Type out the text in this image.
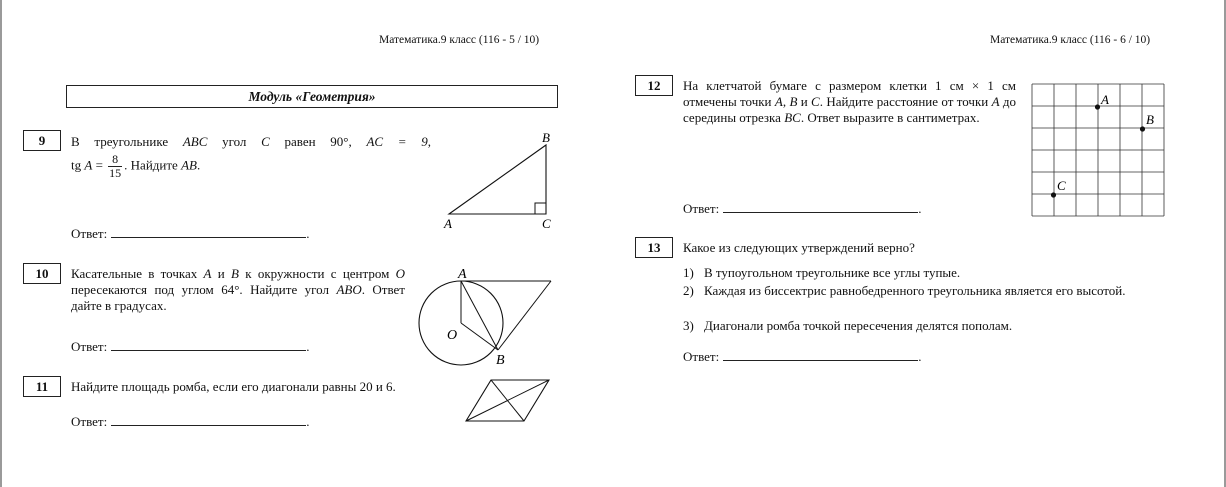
Математика.9 класс (116 - 5 / 10)	Математика.9 класс (116 - 6 / 10)
Модуль «Геометрия»
9	В треугольнике ABC угол C равен 90°, AC = 9,
tg $A = \frac{8}{15}$ . Найдите AB.
B
A	C
Ответ:	.
10	Касательные в точках A и B к окружности с центром O пересекаются под углом 64°. Найдите угол ABO. Ответ дайте в градусах.
A
O
B
Ответ:	.
11	Найдите площадь ромба, если его диагонали равны 20 и 6.
Ответ:	.
12	На клетчатой бумаге с размером клетки 1 см × 1 см отмечены точки A, B и C. Найдите расстояние от точки A до середины отрезка BC. Ответ выразите в сантиметрах.
A
B
C
Ответ:	.
13	Какое из следующих утверждений верно?
1) В тупоугольном треугольнике все углы тупые.
2) Каждая из биссектрис равнобедренного треугольника является его высотой.
3) Диагонали ромба точкой пересечения делятся пополам.
Ответ:	.
